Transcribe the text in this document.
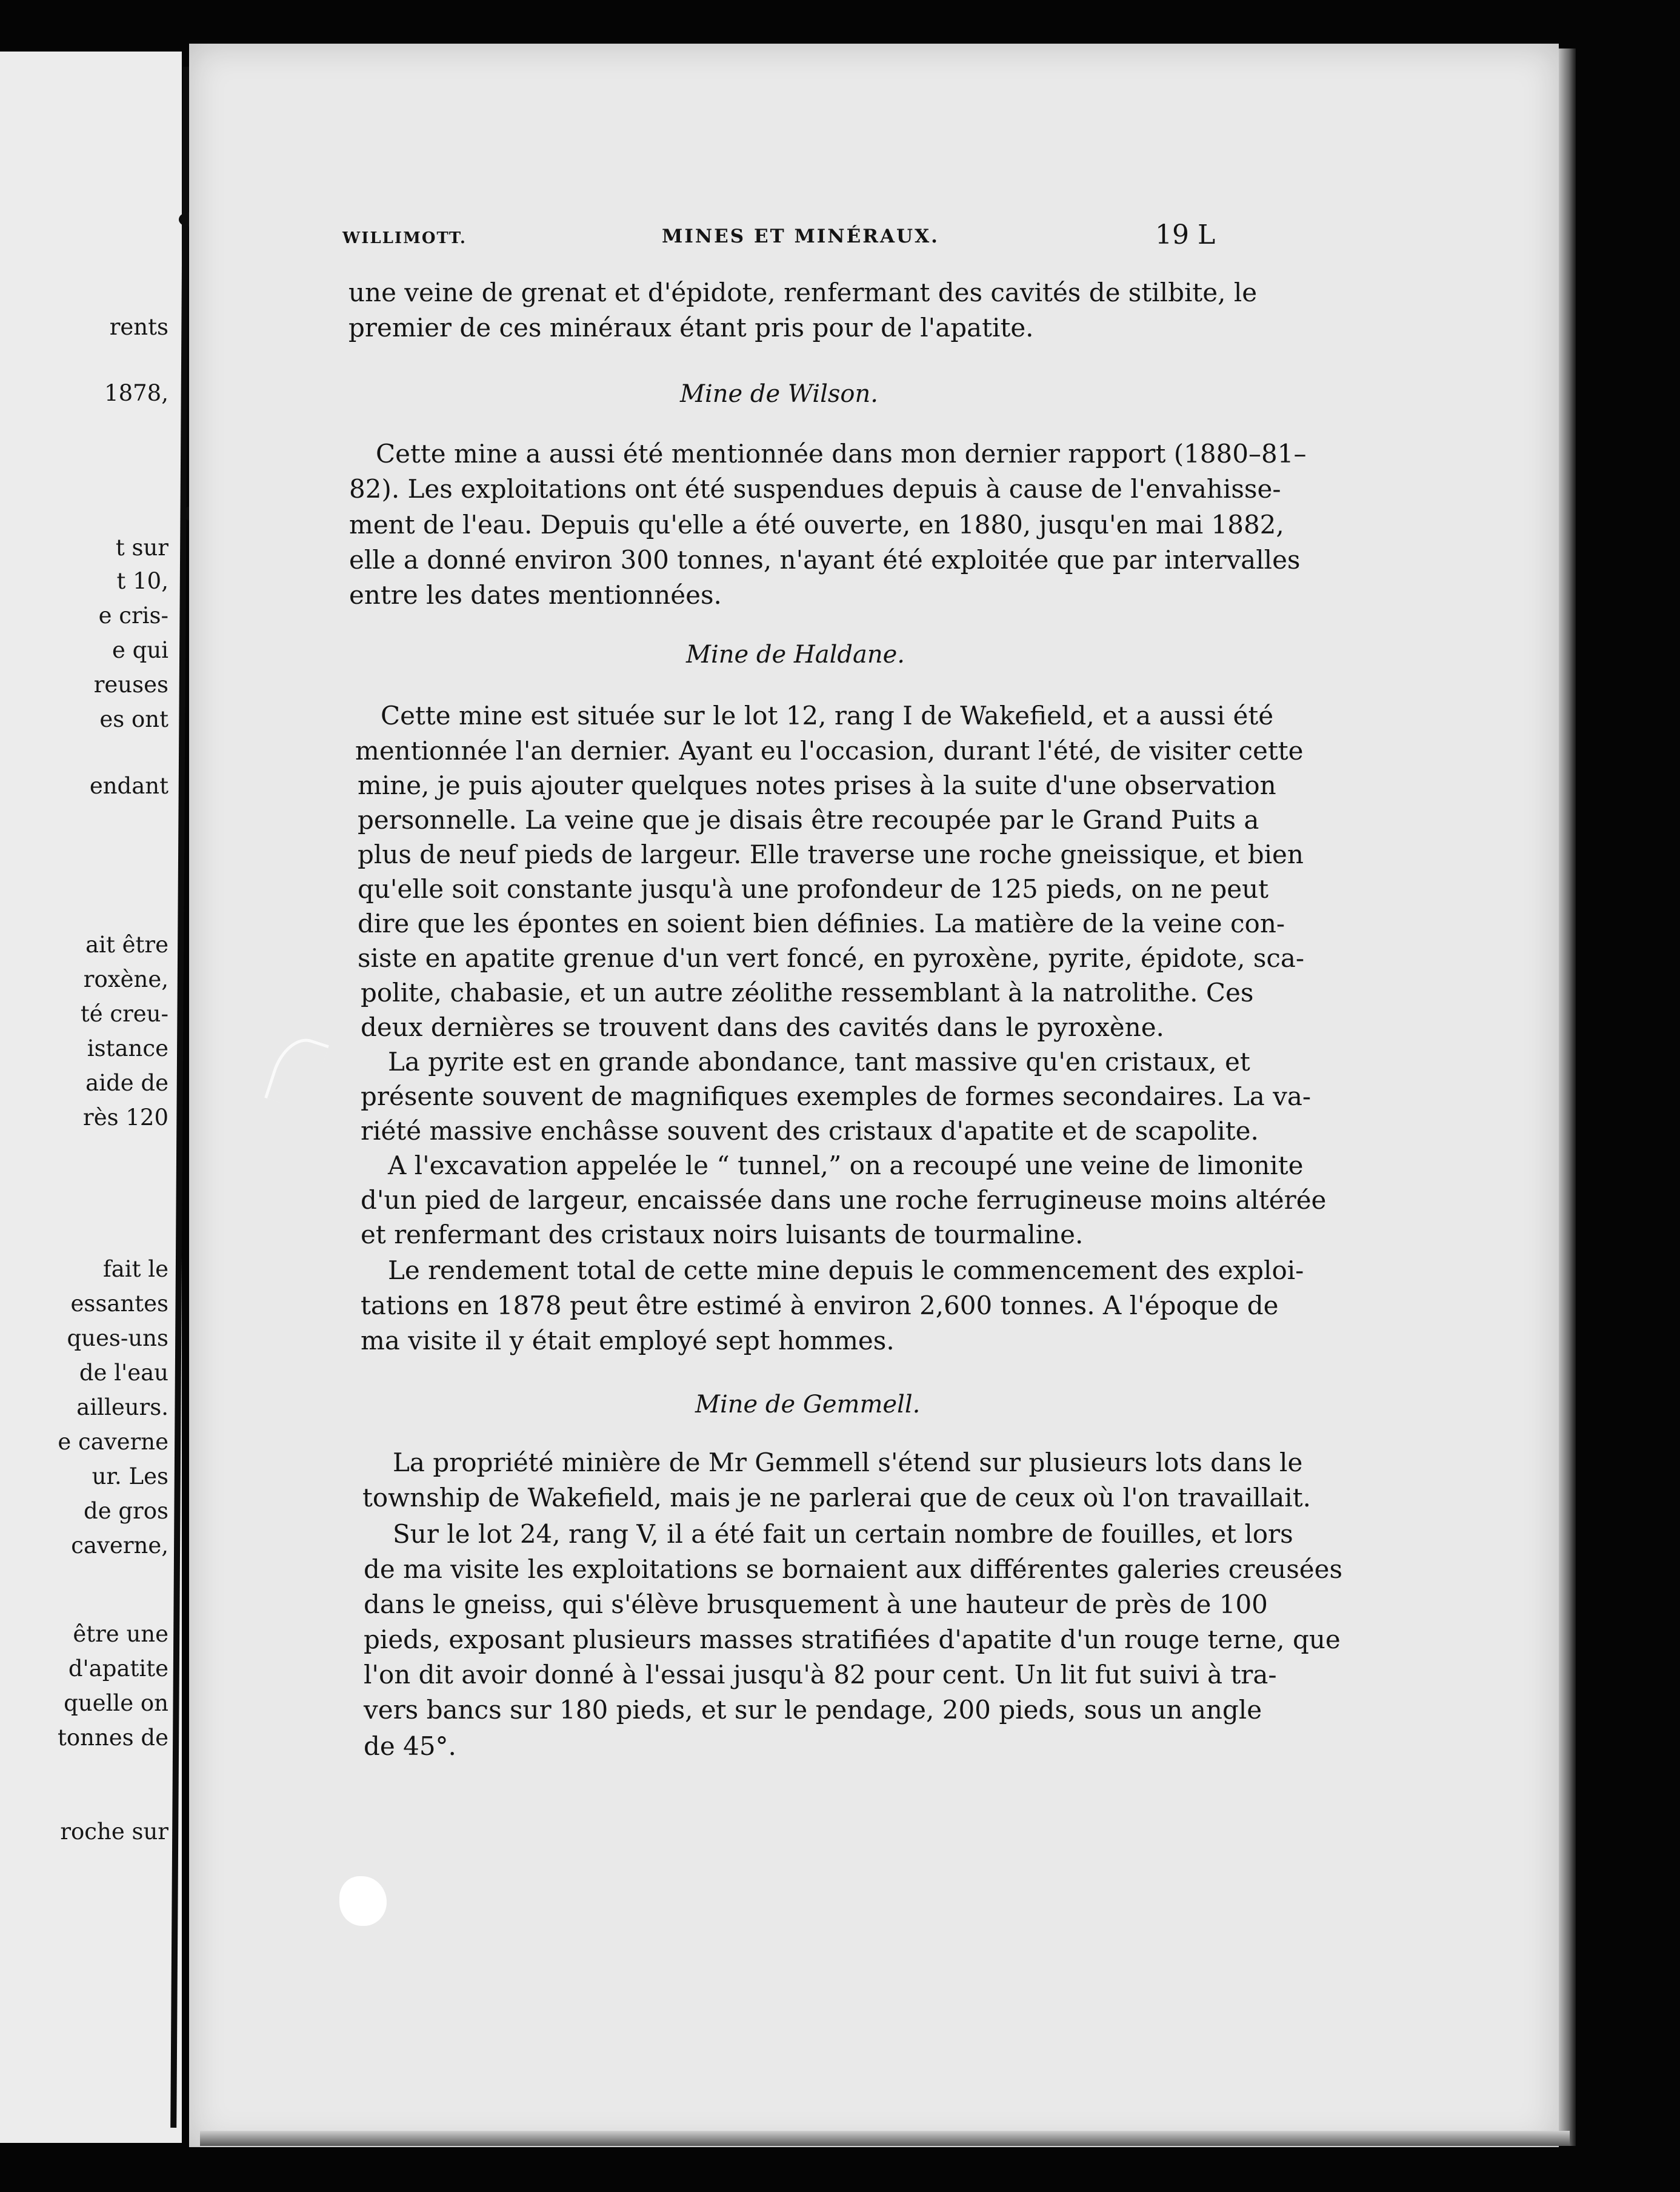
rents
1878,
t sur
t 10,
e cris-
e qui
reuses
es ont
endant
ait être
roxène,
té creu-
istance
aide de
rès 120
fait le
essantes
ques-uns
de l'eau
ailleurs.
e caverne
ur. Les
de gros
caverne,
être une
d'apatite
quelle on
tonnes de
roche sur
WILLIMOTT.	MINES ET MINÉRAUX.	19 L
une veine de grenat et d'épidote, renfermant des cavités de stilbite, le
premier de ces minéraux étant pris pour de l'apatite.
Mine de Wilson.
Cette mine a aussi été mentionnée dans mon dernier rapport (1880–81–
82). Les exploitations ont été suspendues depuis à cause de l'envahisse-
ment de l'eau. Depuis qu'elle a été ouverte, en 1880, jusqu'en mai 1882,
elle a donné environ 300 tonnes, n'ayant été exploitée que par intervalles
entre les dates mentionnées.
Mine de Haldane.
Cette mine est située sur le lot 12, rang I de Wakefield, et a aussi été
mentionnée l'an dernier. Ayant eu l'occasion, durant l'été, de visiter cette
mine, je puis ajouter quelques notes prises à la suite d'une observation
personnelle. La veine que je disais être recoupée par le Grand Puits a
plus de neuf pieds de largeur. Elle traverse une roche gneissique, et bien
qu'elle soit constante jusqu'à une profondeur de 125 pieds, on ne peut
dire que les épontes en soient bien définies. La matière de la veine con-
siste en apatite grenue d'un vert foncé, en pyroxène, pyrite, épidote, sca-
polite, chabasie, et un autre zéolithe ressemblant à la natrolithe. Ces
deux dernières se trouvent dans des cavités dans le pyroxène.
La pyrite est en grande abondance, tant massive qu'en cristaux, et
présente souvent de magnifiques exemples de formes secondaires. La va-
riété massive enchâsse souvent des cristaux d'apatite et de scapolite.
A l'excavation appelée le “ tunnel,” on a recoupé une veine de limonite
d'un pied de largeur, encaissée dans une roche ferrugineuse moins altérée
et renfermant des cristaux noirs luisants de tourmaline.
Le rendement total de cette mine depuis le commencement des exploi-
tations en 1878 peut être estimé à environ 2,600 tonnes. A l'époque de
ma visite il y était employé sept hommes.
Mine de Gemmell.
La propriété minière de Mr Gemmell s'étend sur plusieurs lots dans le
township de Wakefield, mais je ne parlerai que de ceux où l'on travaillait.
Sur le lot 24, rang V, il a été fait un certain nombre de fouilles, et lors
de ma visite les exploitations se bornaient aux différentes galeries creusées
dans le gneiss, qui s'élève brusquement à une hauteur de près de 100
pieds, exposant plusieurs masses stratifiées d'apatite d'un rouge terne, que
l'on dit avoir donné à l'essai jusqu'à 82 pour cent. Un lit fut suivi à tra-
vers bancs sur 180 pieds, et sur le pendage, 200 pieds, sous un angle
de 45°.
